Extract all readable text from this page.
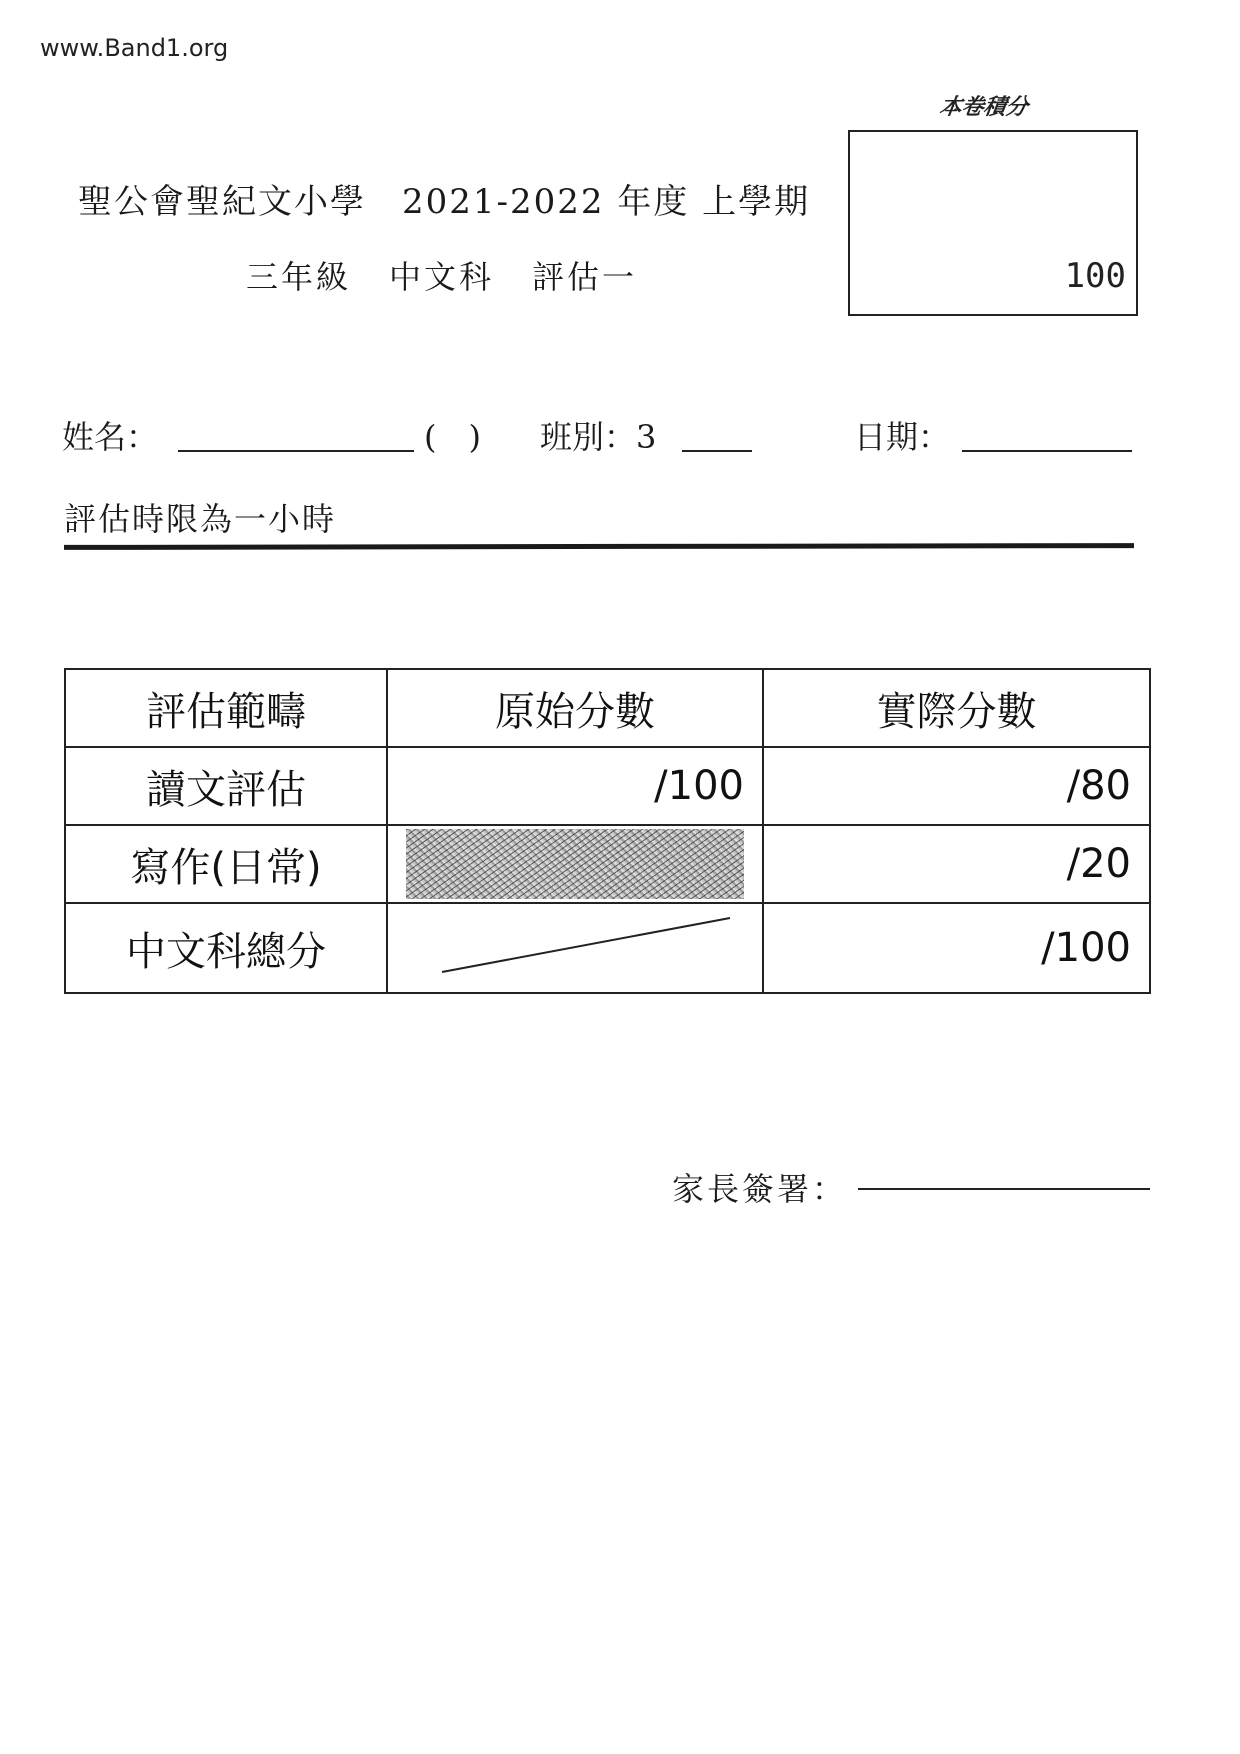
www.Band1.org
本卷積分
100
聖公會聖紀文小學　2021-2022 年度 上學期
三年級 中文科 評估一
姓名：	(　) 班別：3	日期：
評估時限為一小時
評估範疇	原始分數	實際分數
讀文評估	/100	/80
寫作(日常)		/20
中文科總分		/100
家長簽署：
